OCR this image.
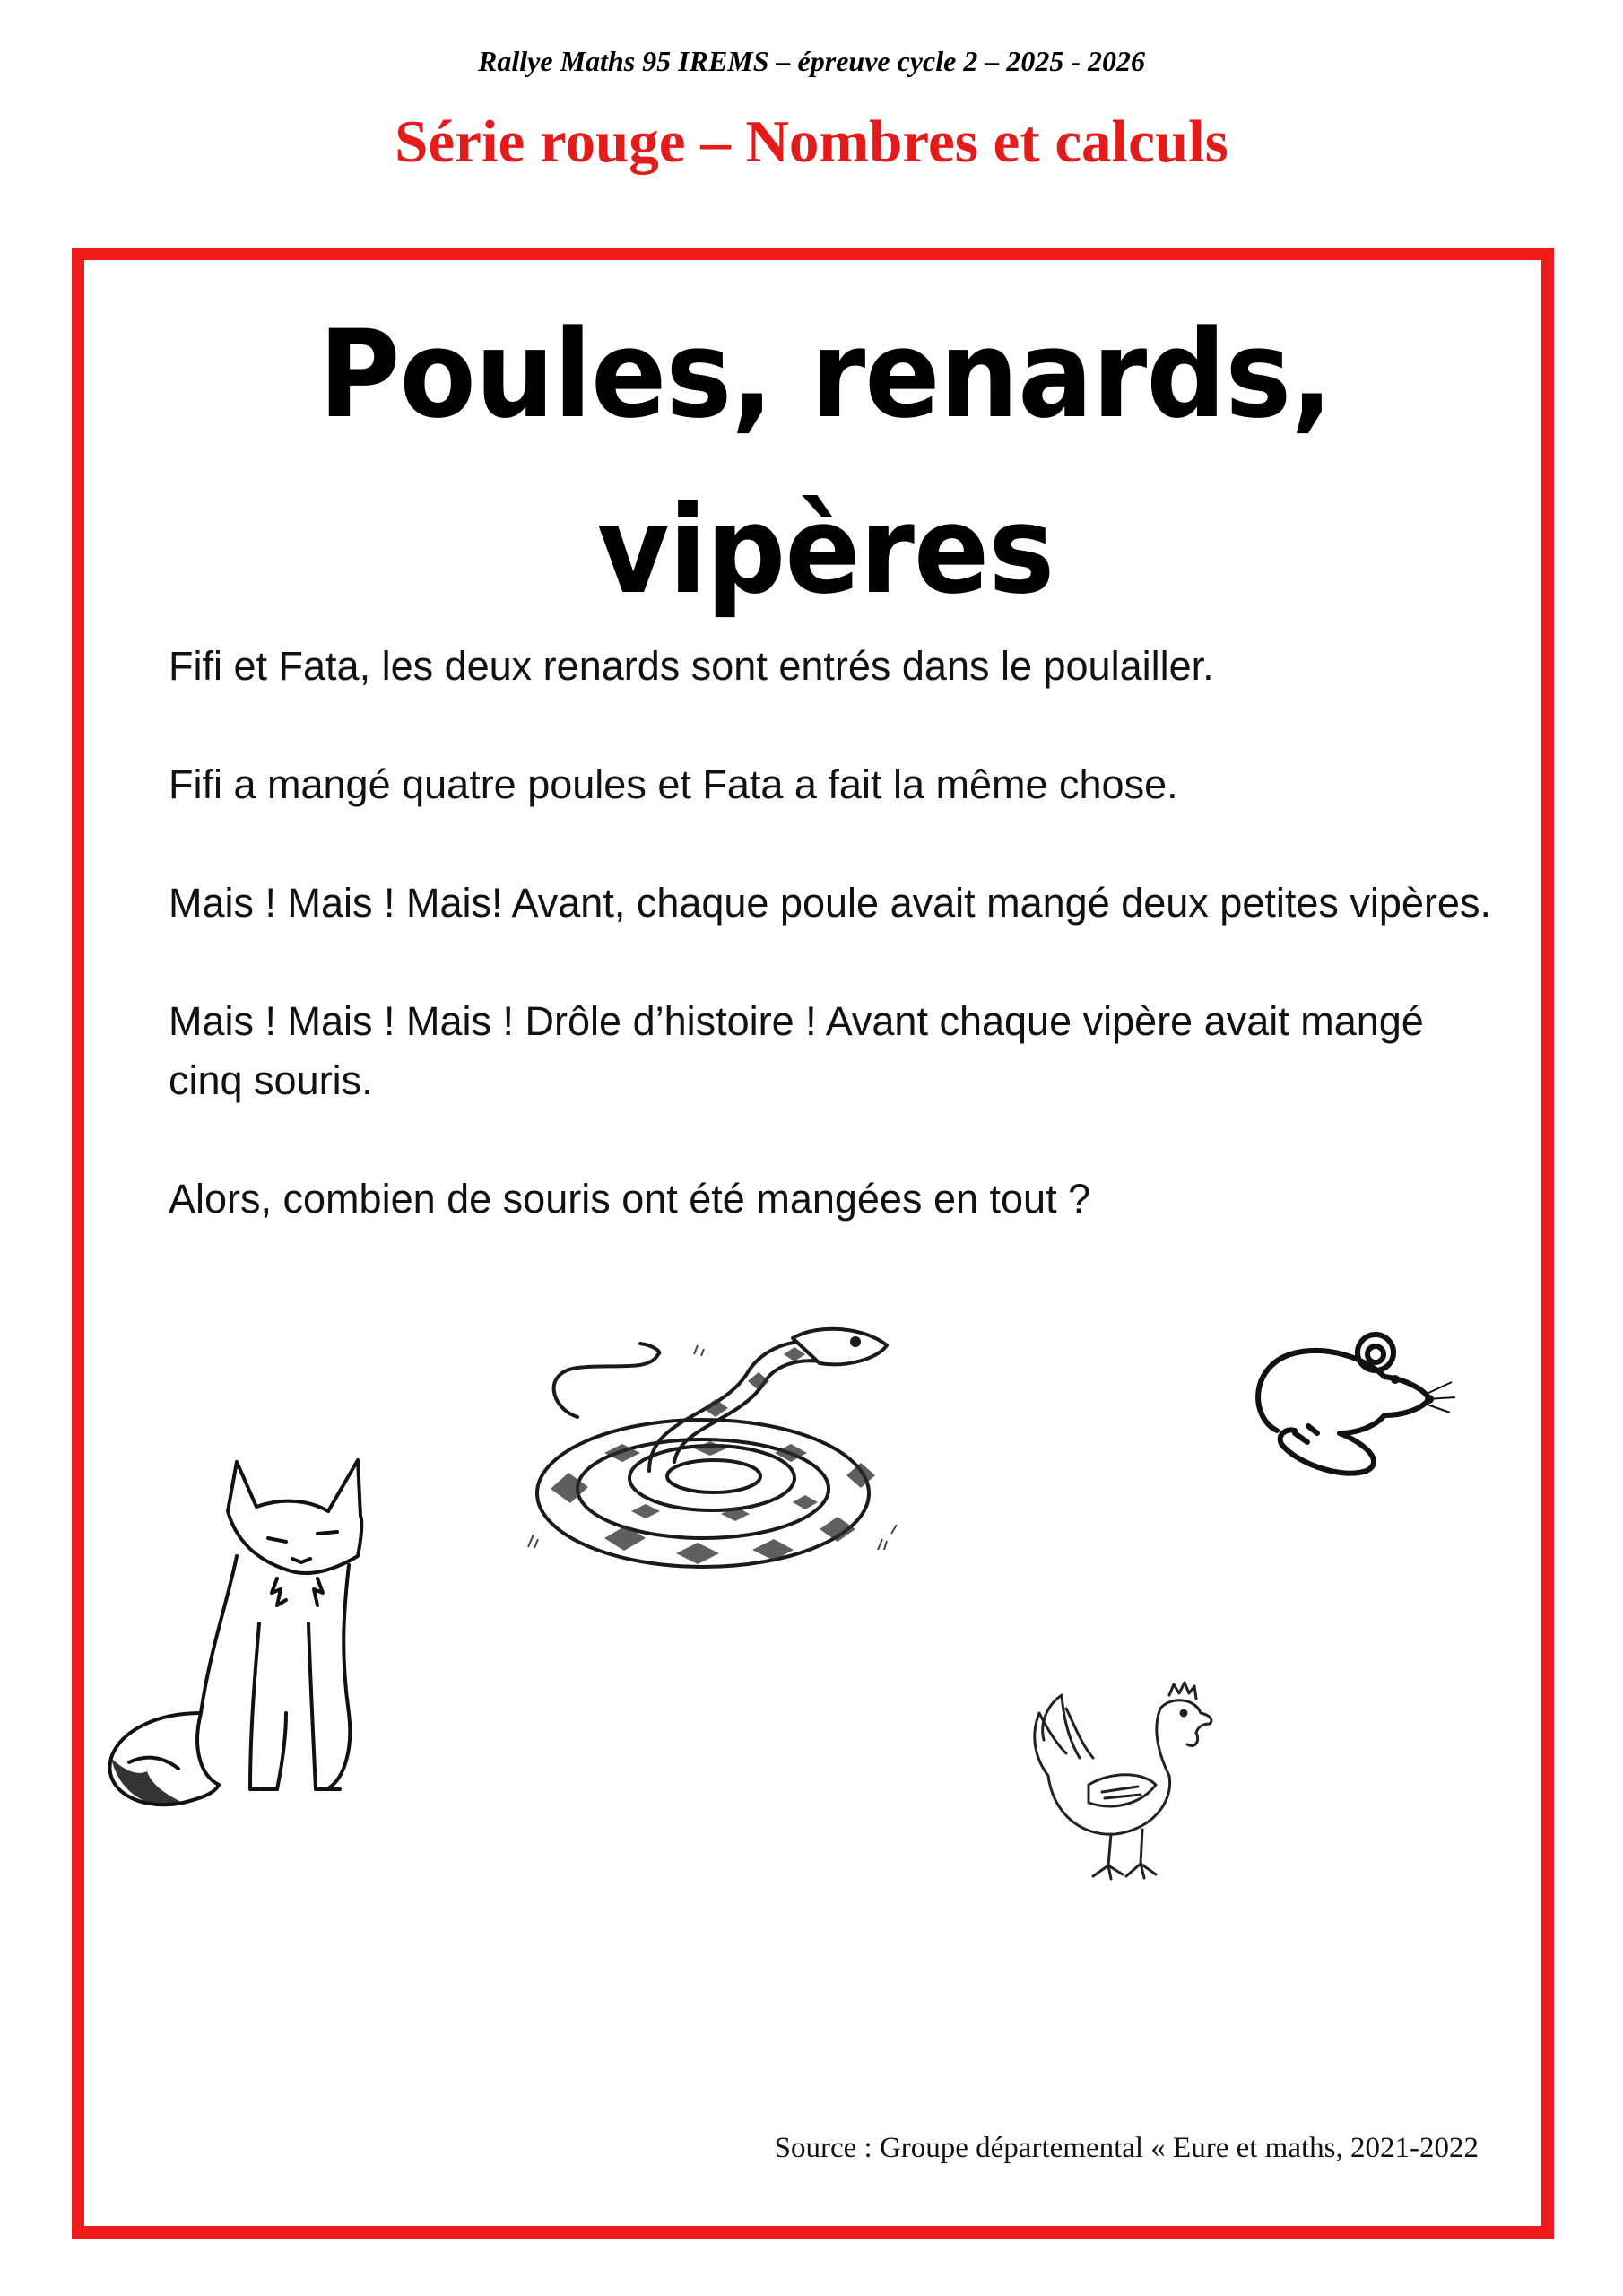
Rallye Maths 95 IREMS – épreuve cycle 2 – 2025 - 2026
Série rouge – Nombres et calculs
Poules, renards,
vipères

Fifi et Fata, les deux renards sont entrés dans le poulailler.

Fifi a mangé quatre poules et Fata a fait la même chose.

Mais ! Mais ! Mais! Avant, chaque poule avait mangé deux petites vipères.

Mais ! Mais ! Mais ! Drôle d’histoire ! Avant chaque vipère avait mangé cinq souris.

Alors, combien de souris ont été mangées en tout ?

Source : Groupe départemental « Eure et maths, 2021-2022
